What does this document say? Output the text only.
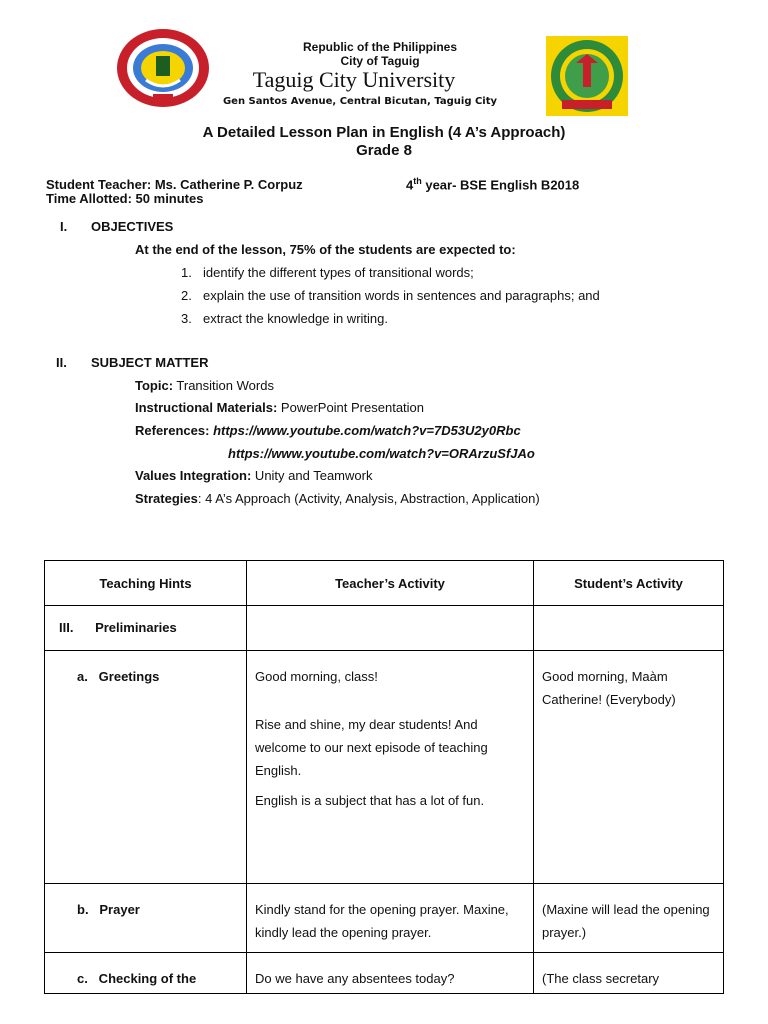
Republic of the Philippines
City of Taguig
Taguig City University
Gen Santos Avenue, Central Bicutan, Taguig City
A Detailed Lesson Plan in English (4 A’s Approach)
Grade 8
Student Teacher: Ms. Catherine P. Corpuz	4th year- BSE English B2018
Time Allotted: 50 minutes
I. OBJECTIVES
At the end of the lesson, 75% of the students are expected to:
1. identify the different types of transitional words;
2. explain the use of transition words in sentences and paragraphs; and
3. extract the knowledge in writing.
II. SUBJECT MATTER
Topic: Transition Words
Instructional Materials: PowerPoint Presentation
References: https://www.youtube.com/watch?v=7D53U2y0Rbc
https://www.youtube.com/watch?v=ORArzuSfJAo
Values Integration: Unity and Teamwork
Strategies: 4 A’s Approach (Activity, Analysis, Abstraction, Application)
Teaching Hints	Teacher’s Activity	Student’s Activity

III. Preliminaries		

a.   Greetings	Good morning, class!
Rise and shine, my dear students! And welcome to our next episode of teaching English.
English is a subject that has a lot of fun.	Good morning, Maàm Catherine! (Everybody)

b.   Prayer	Kindly stand for the opening prayer. Maxine, kindly lead the opening prayer.	(Maxine will lead the opening prayer.)

c.   Checking of the	Do we have any absentees today?	(The class secretary
